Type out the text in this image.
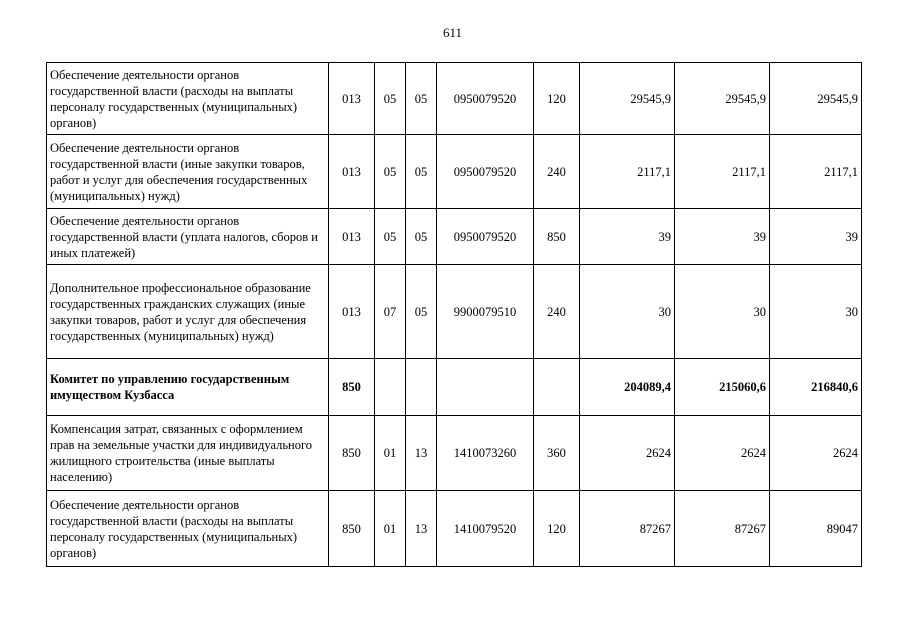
611
Обеспечение деятельности органов государственной власти (расходы на выплаты персоналу государственных (муниципальных) органов)	013	05	05	0950079520	120	29545,9	29545,9	29545,9
Обеспечение деятельности органов государственной власти (иные закупки товаров, работ и услуг для обеспечения государственных (муниципальных) нужд)	013	05	05	0950079520	240	2117,1	2117,1	2117,1
Обеспечение деятельности органов государственной власти (уплата налогов, сборов и иных платежей)	013	05	05	0950079520	850	39	39	39
Дополнительное профессиональное образование государственных гражданских служащих (иные закупки товаров, работ и услуг для обеспечения государственных (муниципальных) нужд)	013	07	05	9900079510	240	30	30	30
Комитет по управлению государственным имуществом Кузбасса	850					204089,4	215060,6	216840,6
Компенсация затрат, связанных с оформлением прав на земельные участки для индивидуального жилищного строительства (иные выплаты населению)	850	01	13	1410073260	360	2624	2624	2624
Обеспечение деятельности органов государственной власти (расходы на выплаты персоналу государственных (муниципальных) органов)	850	01	13	1410079520	120	87267	87267	89047
